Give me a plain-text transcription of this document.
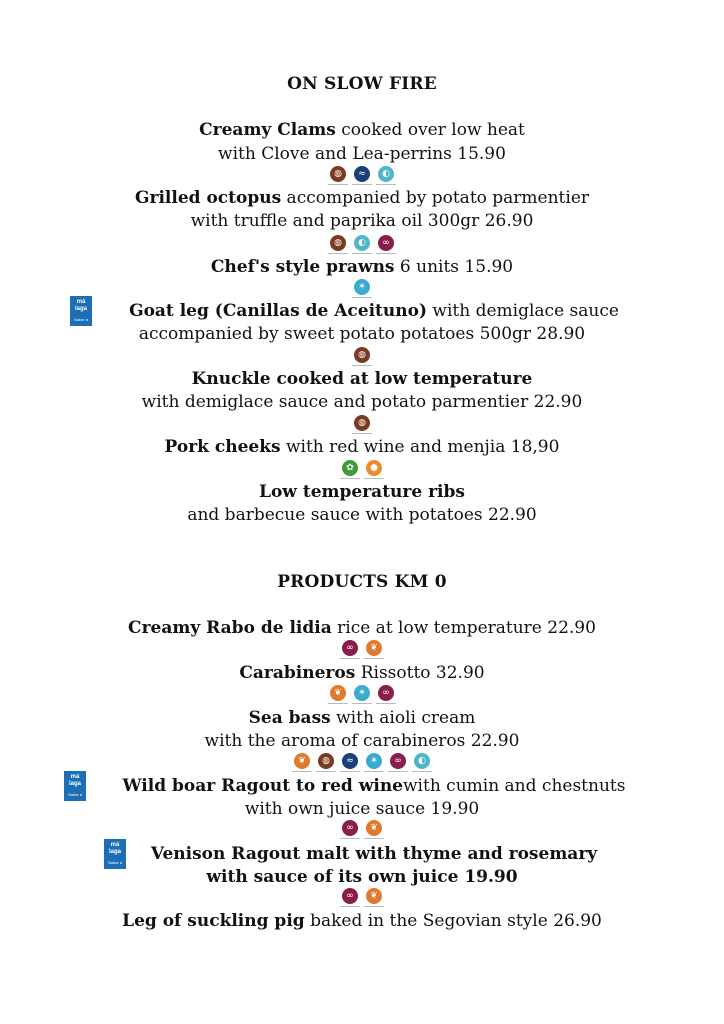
ON SLOW FIRE
Creamy Clams cooked over low heat
with Clove and Lea-perrins 15.90
◍	≈	◐
Grilled octopus accompanied by potato parmentier
with truffle and paprika oil 300gr 26.90
◍	◐	∞
Chef's style prawns 6 units 15.90
✶
má
laga
Sabor a	Goat leg (Canillas de Aceituno) with demiglace sauce
accompanied by sweet potato potatoes 500gr 28.90
◍
Knuckle cooked at low temperature
with demiglace sauce and potato parmentier 22.90
◍
Pork cheeks with red wine and menjia 18,90
✿	●
Low temperature ribs
and barbecue sauce with potatoes 22.90
PRODUCTS KM 0
Creamy Rabo de lidia rice at low temperature 22.90
∞	❦
Carabineros Rissotto 32.90
❦	✶	∞
Sea bass with aioli cream
with the aroma of carabineros 22.90
❦	◍	≈	✶	∞	◐
má
laga
Sabor a	Wild boar Ragout to red winewith cumin and chestnuts
with own juice sauce 19.90
∞	❦
má
laga
Sabor a	Venison Ragout malt with thyme and rosemary
with sauce of its own juice 19.90
∞	❦
Leg of suckling pig baked in the Segovian style 26.90
